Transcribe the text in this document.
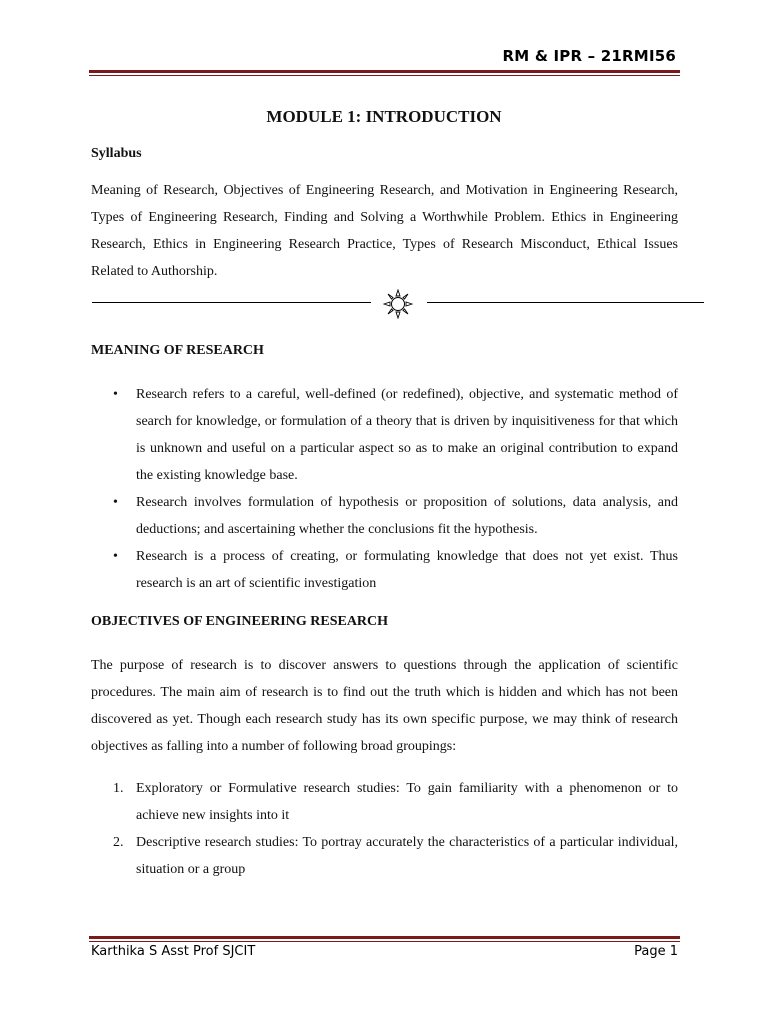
RM & IPR – 21RMI56
MODULE 1: INTRODUCTION
Syllabus

Meaning of Research, Objectives of Engineering Research, and Motivation in Engineering Research, Types of Engineering Research, Finding and Solving a Worthwhile Problem. Ethics in Engineering Research, Ethics in Engineering Research Practice, Types of Research Misconduct, Ethical Issues Related to Authorship.

MEANING OF RESEARCH
• Research refers to a careful, well-defined (or redefined), objective, and systematic method of search for knowledge, or formulation of a theory that is driven by inquisitiveness for that which is unknown and useful on a particular aspect so as to make an original contribution to expand the existing knowledge base.
• Research involves formulation of hypothesis or proposition of solutions, data analysis, and deductions; and ascertaining whether the conclusions fit the hypothesis.
• Research is a process of creating, or formulating knowledge that does not yet exist. Thus research is an art of scientific investigation
OBJECTIVES OF ENGINEERING RESEARCH

The purpose of research is to discover answers to questions through the application of scientific procedures. The main aim of research is to find out the truth which is hidden and which has not been discovered as yet. Though each research study has its own specific purpose, we may think of research objectives as falling into a number of following broad groupings:

1. Exploratory or Formulative research studies: To gain familiarity with a phenomenon or to achieve new insights into it
2. Descriptive research studies: To portray accurately the characteristics of a particular individual, situation or a group
Karthika S Asst Prof SJCIT	Page 1
